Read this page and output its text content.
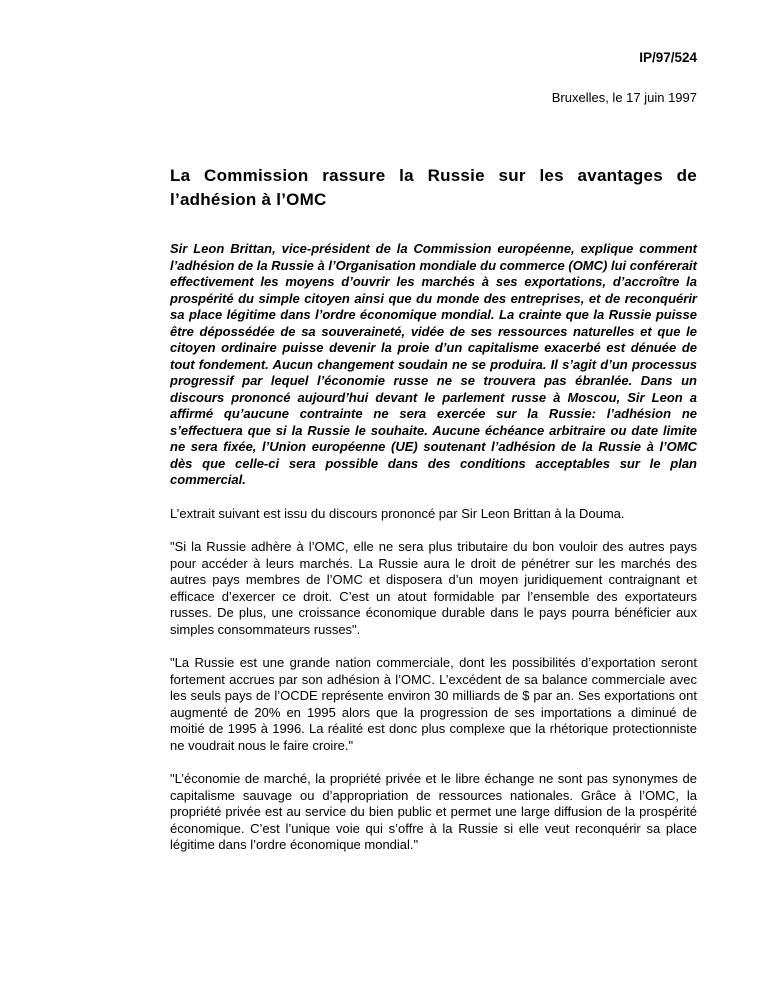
IP/97/524
Bruxelles, le 17 juin 1997
La Commission rassure la Russie sur les avantages de l’adhésion à l’OMC

Sir Leon Brittan, vice-président de la Commission européenne, explique comment l’adhésion de la Russie à l’Organisation mondiale du commerce (OMC) lui conférerait effectivement les moyens d’ouvrir les marchés à ses exportations, d’accroître la prospérité du simple citoyen ainsi que du monde des entreprises, et de reconquérir sa place légitime dans l’ordre économique mondial. La crainte que la Russie puisse être dépossédée de sa souveraineté, vidée de ses ressources naturelles et que le citoyen ordinaire puisse devenir la proie d’un capitalisme exacerbé est dénuée de tout fondement. Aucun changement soudain ne se produira. Il s’agit d’un processus progressif par lequel l’économie russe ne se trouvera pas ébranlée. Dans un discours prononcé aujourd’hui devant le parlement russe à Moscou, Sir Leon a affirmé qu’aucune contrainte ne sera exercée sur la Russie: l’adhésion ne s’effectuera que si la Russie le souhaite. Aucune échéance arbitraire ou date limite ne sera fixée, l’Union européenne (UE) soutenant l’adhésion de la Russie à l’OMC dès que celle-ci sera possible dans des conditions acceptables sur le plan commercial.

L’extrait suivant est issu du discours prononcé par Sir Leon Brittan à la Douma.

"Si la Russie adhère à l’OMC, elle ne sera plus tributaire du bon vouloir des autres pays pour accéder à leurs marchés. La Russie aura le droit de pénétrer sur les marchés des autres pays membres de l’OMC et disposera d’un moyen juridiquement contraignant et efficace d’exercer ce droit. C’est un atout formidable par l’ensemble des exportateurs russes. De plus, une croissance économique durable dans le pays pourra bénéficier aux simples consommateurs russes".

"La Russie est une grande nation commerciale, dont les possibilités d’exportation seront fortement accrues par son adhésion à l’OMC. L’excédent de sa balance commerciale avec les seuls pays de l’OCDE représente environ 30 milliards de $ par an. Ses exportations ont augmenté de 20% en 1995 alors que la progression de ses importations a diminué de moitié de 1995 à 1996. La réalité est donc plus complexe que la rhétorique protectionniste ne voudrait nous le faire croire."

"L’économie de marché, la propriété privée et le libre échange ne sont pas synonymes de capitalisme sauvage ou d’appropriation de ressources nationales. Grâce à l’OMC, la propriété privée est au service du bien public et permet une large diffusion de la prospérité économique. C’est l’unique voie qui s’offre à la Russie si elle veut reconquérir sa place légitime dans l’ordre économique mondial."
